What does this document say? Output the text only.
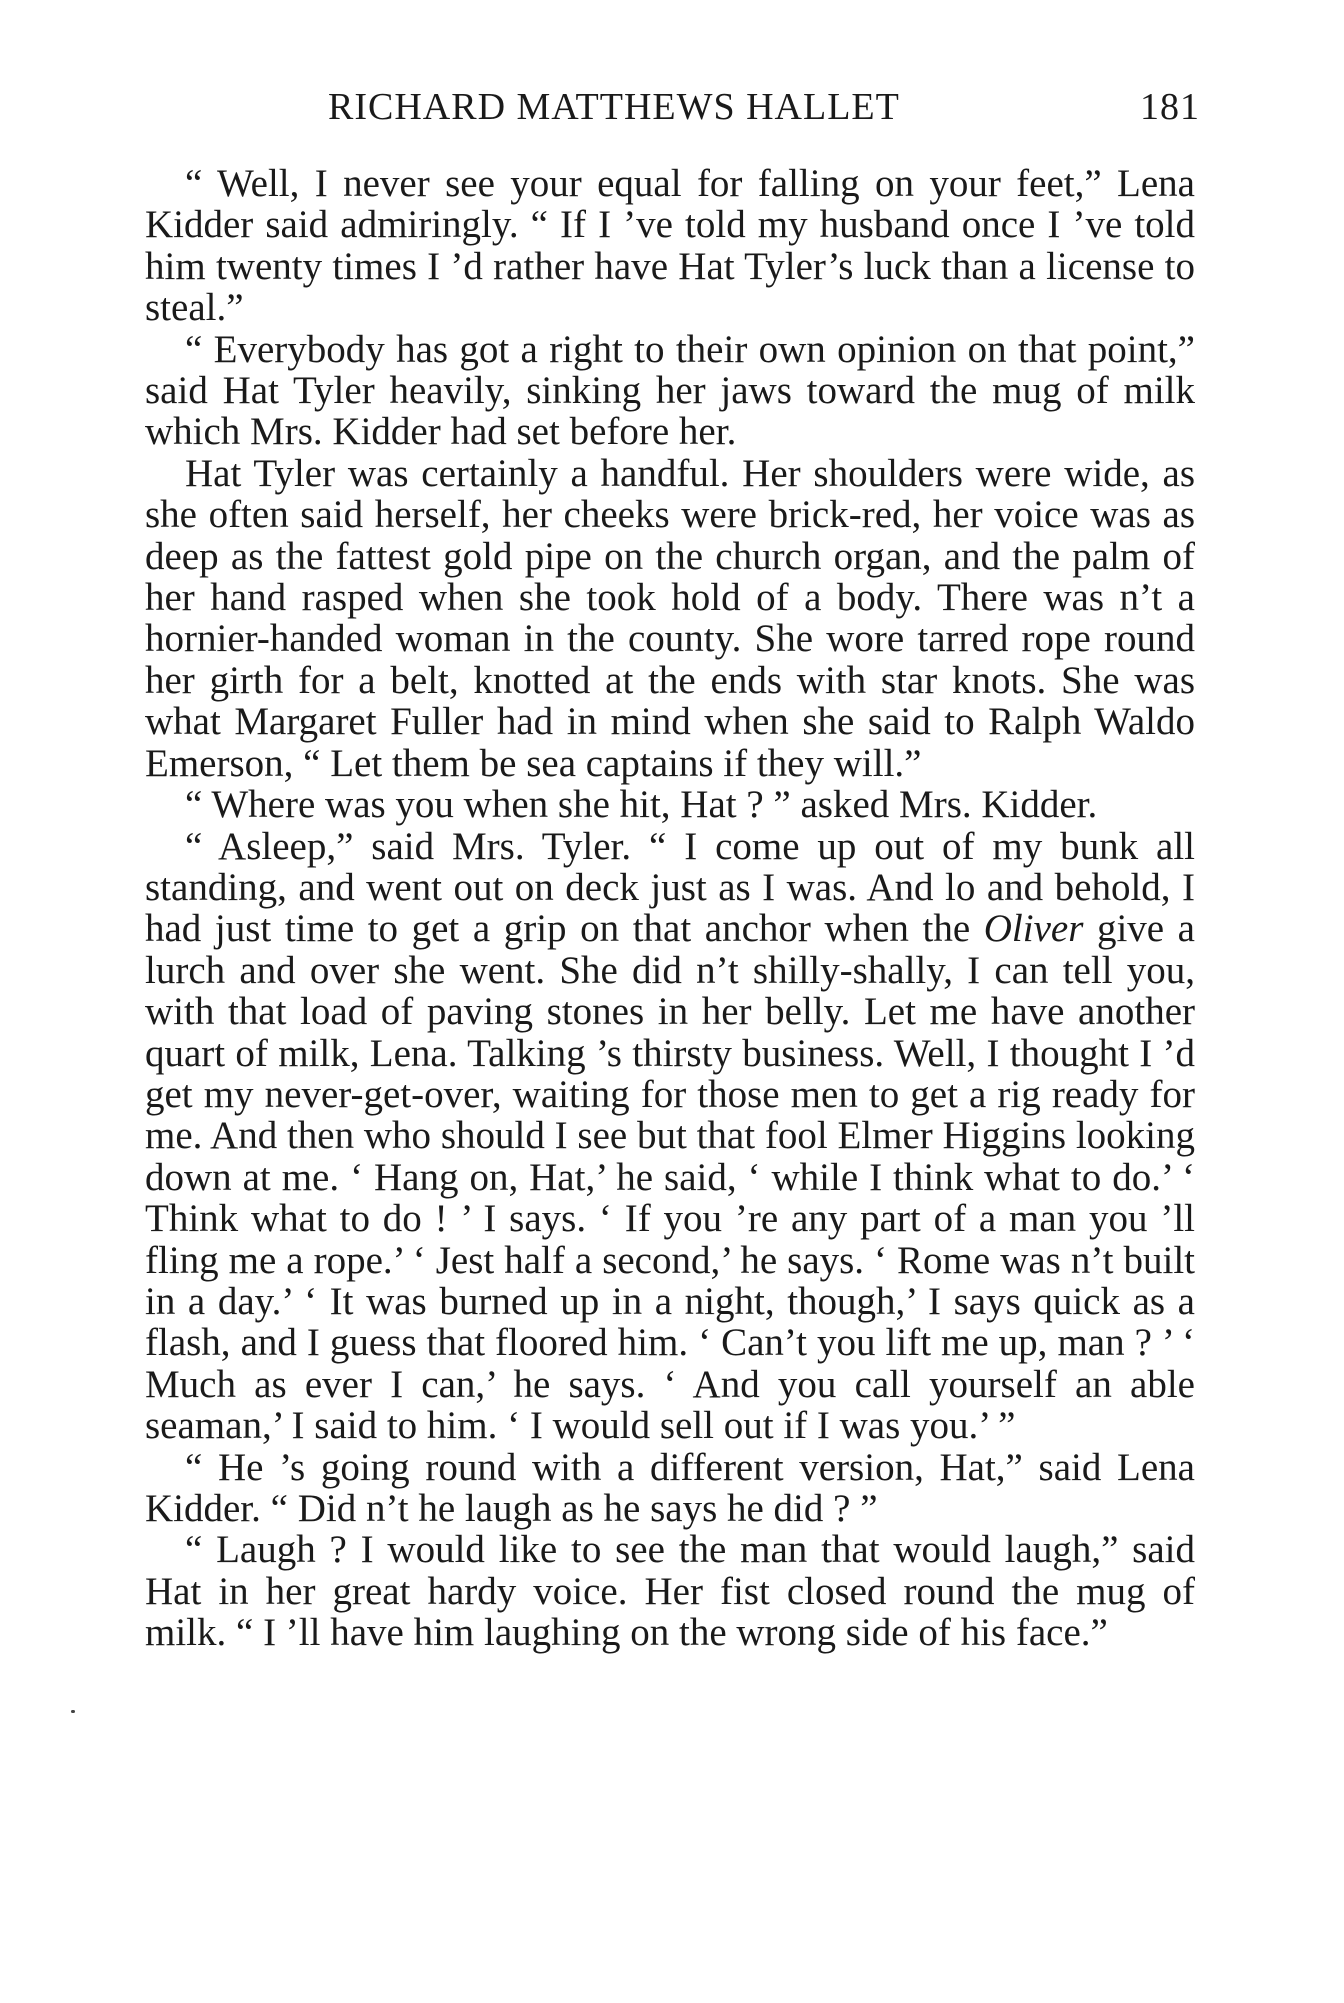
RICHARD MATTHEWS HALLET	181

“ Well, I never see your equal for falling on your feet,” Lena Kidder said admiringly. “ If I ’ve told my husband once I ’ve told him twenty times I ’d rather have Hat Tyler’s luck than a license to steal.”

“ Everybody has got a right to their own opinion on that point,” said Hat Tyler heavily, sinking her jaws toward the mug of milk which Mrs. Kidder had set before her.

Hat Tyler was certainly a handful. Her shoulders were wide, as she often said herself, her cheeks were brick-red, her voice was as deep as the fattest gold pipe on the church organ, and the palm of her hand rasped when she took hold of a body. There was n’t a hornier-handed woman in the county. She wore tarred rope round her girth for a belt, knotted at the ends with star knots. She was what Margaret Fuller had in mind when she said to Ralph Waldo Emerson, “ Let them be sea captains if they will.”

“ Where was you when she hit, Hat ? ” asked Mrs. Kidder.

“ Asleep,” said Mrs. Tyler. “ I come up out of my bunk all standing, and went out on deck just as I was. And lo and behold, I had just time to get a grip on that anchor when the Oliver give a lurch and over she went. She did n’t shilly-shally, I can tell you, with that load of paving stones in her belly. Let me have another quart of milk, Lena. Talking ’s thirsty business. Well, I thought I ’d get my never-get-over, waiting for those men to get a rig ready for me. And then who should I see but that fool Elmer Higgins looking down at me. ‘ Hang on, Hat,’ he said, ‘ while I think what to do.’ ‘ Think what to do ! ’ I says. ‘ If you ’re any part of a man you ’ll fling me a rope.’ ‘ Jest half a second,’ he says. ‘ Rome was n’t built in a day.’ ‘ It was burned up in a night, though,’ I says quick as a flash, and I guess that floored him. ‘ Can’t you lift me up, man ? ’ ‘ Much as ever I can,’ he says. ‘ And you call yourself an able seaman,’ I said to him. ‘ I would sell out if I was you.’ ”

“ He ’s going round with a different version, Hat,” said Lena Kidder. “ Did n’t he laugh as he says he did ? ”

“ Laugh ? I would like to see the man that would laugh,” said Hat in her great hardy voice. Her fist closed round the mug of milk. “ I ’ll have him laughing on the wrong side of his face.”
